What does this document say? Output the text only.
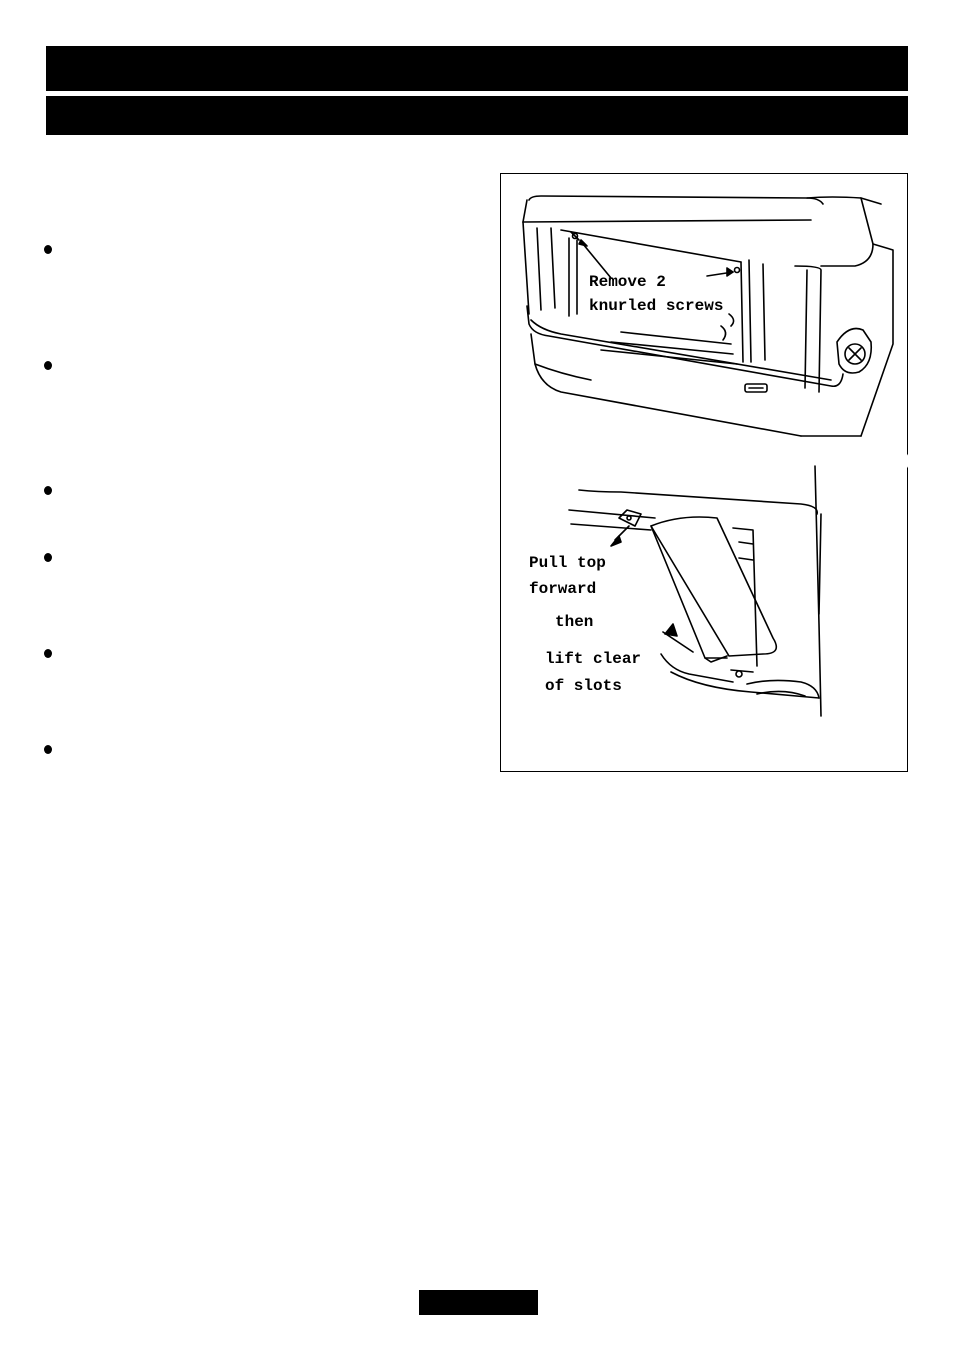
Remove 2
knurled screws
Pull top
forward
then
lift clear
of slots
